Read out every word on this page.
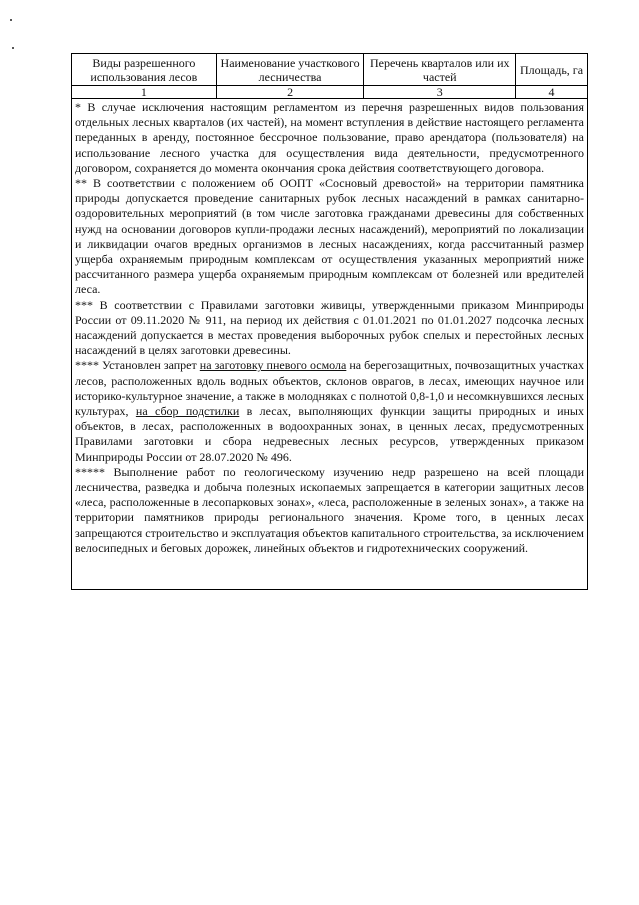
Виды разрешенного использования лесов	Наименование участкового лесничества	Перечень кварталов или их частей	Площадь, га
1	2	3	4

* В случае исключения настоящим регламентом из перечня разрешенных видов пользования отдельных лесных кварталов (их частей), на момент вступления в действие настоящего регламента переданных в аренду, постоянное бессрочное пользование, право арендатора (пользователя) на использование лесного участка для осуществления вида деятельности, предусмотренного договором, сохраняется до момента окончания срока действия соответствующего договора.

** В соответствии с положением об ООПТ «Сосновый древостой» на территории памятника природы допускается проведение санитарных рубок лесных насаждений в рамках санитарно-оздоровительных мероприятий (в том числе заготовка гражданами древесины для собственных нужд на основании договоров купли-продажи лесных насаждений), мероприятий по локализации и ликвидации очагов вредных организмов в лесных насаждениях, когда рассчитанный размер ущерба охраняемым природным комплексам от осуществления указанных мероприятий ниже рассчитанного размера ущерба охраняемым природным комплексам от болезней или вредителей леса.

*** В соответствии с Правилами заготовки живицы, утвержденными приказом Минприроды России от 09.11.2020 № 911, на период их действия с 01.01.2021 по 01.01.2027 подсочка лесных насаждений допускается в местах проведения выборочных рубок спелых и перестойных лесных насаждений в целях заготовки древесины.

**** Установлен запрет на заготовку пневого осмола на берегозащитных, почвозащитных участках лесов, расположенных вдоль водных объектов, склонов оврагов, в лесах, имеющих научное или историко-культурное значение, а также в молодняках с полнотой 0,8-1,0 и несомкнувшихся лесных культурах, на сбор подстилки в лесах, выполняющих функции защиты природных и иных объектов, в лесах, расположенных в водоохранных зонах, в ценных лесах, предусмотренных Правилами заготовки и сбора недревесных лесных ресурсов, утвержденных приказом Минприроды России от 28.07.2020 № 496.

***** Выполнение работ по геологическому изучению недр разрешено на всей площади лесничества, разведка и добыча полезных ископаемых запрещается в категории защитных лесов «леса, расположенные в лесопарковых зонах», «леса, расположенные в зеленых зонах», а также на территории памятников природы регионального значения. Кроме того, в ценных лесах запрещаются строительство и эксплуатация объектов капитального строительства, за исключением велосипедных и беговых дорожек, линейных объектов и гидротехнических сооружений.
